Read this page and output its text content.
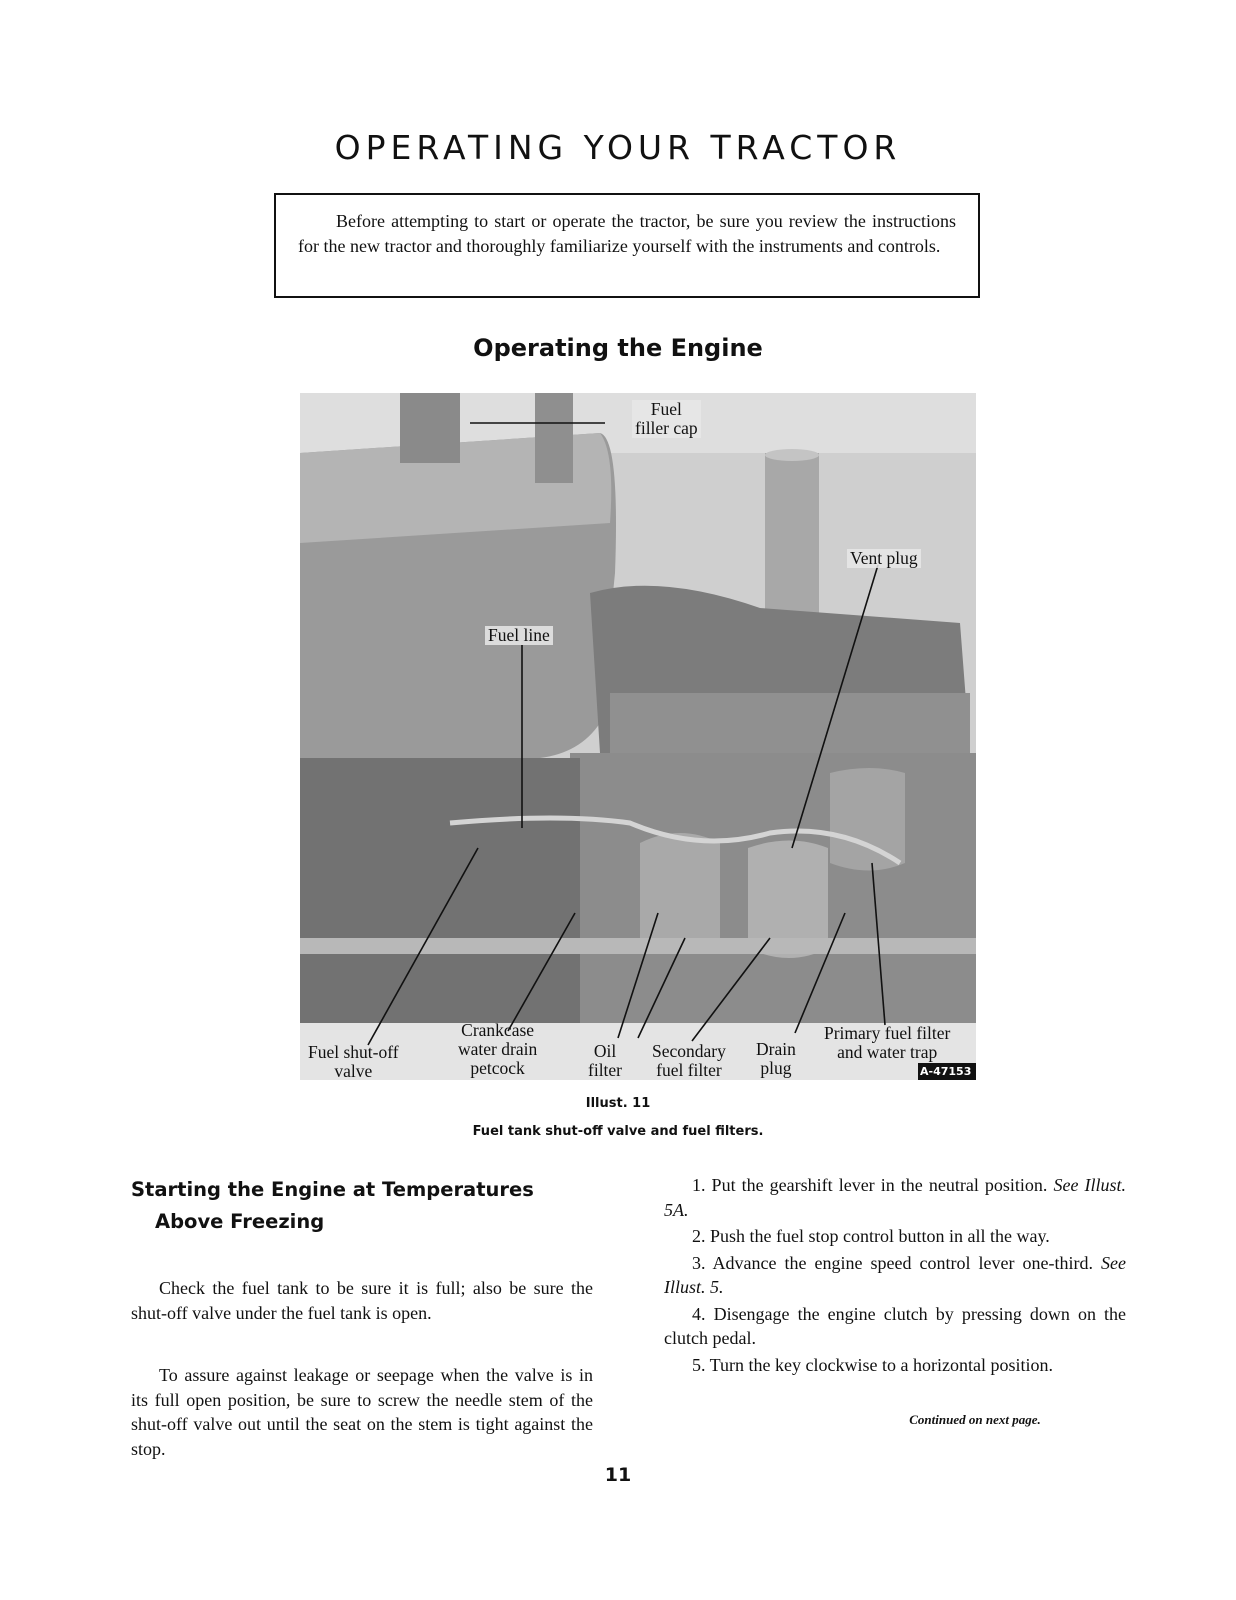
OPERATING YOUR TRACTOR

Before attempting to start or operate the tractor, be sure you review the instructions for the new tractor and thoroughly familiarize yourself with the instruments and controls.

Operating the Engine
Fuel
filler cap
Vent plug
Fuel line
Fuel shut-off
valve
Crankcase
water drain
petcock
Oil
filter
Secondary
fuel filter
Drain
plug
Primary fuel filter
and water trap
A-47153
Illust. 11
Fuel tank shut-off valve and fuel filters.
Starting the Engine at Temperatures Above Freezing

Check the fuel tank to be sure it is full; also be sure the shut-off valve under the fuel tank is open.

To assure against leakage or seepage when the valve is in its full open position, be sure to screw the needle stem of the shut-off valve out until the seat on the stem is tight against the stop.

1. Put the gearshift lever in the neutral position. See Illust. 5A.

2. Push the fuel stop control button in all the way.

3. Advance the engine speed control lever one-third. See Illust. 5.

4. Disengage the engine clutch by pressing down on the clutch pedal.

5. Turn the key clockwise to a horizontal position.

Continued on next page.
11
